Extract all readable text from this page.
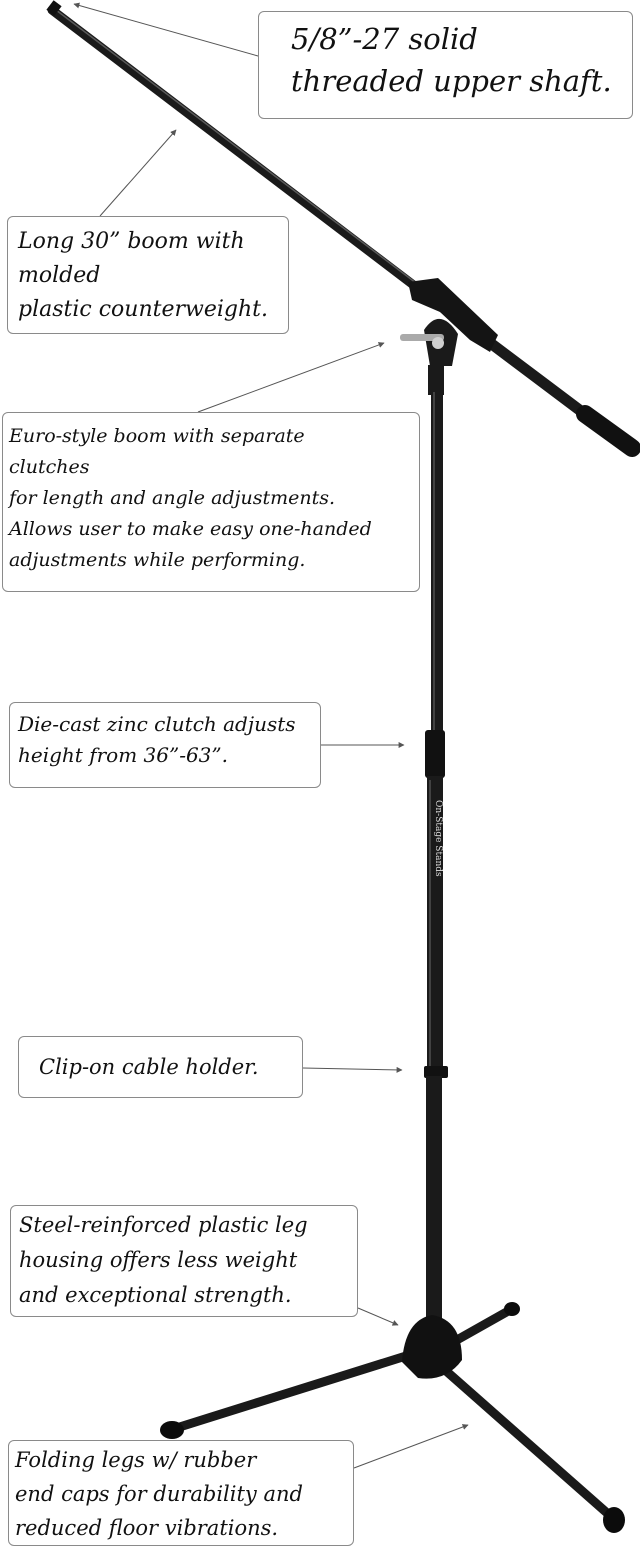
On-Stage Stands
5/8”-27 solid
threaded upper shaft.
Long 30” boom with
molded
plastic counterweight.
Euro-style boom with separate
clutches
for length and angle adjustments.
Allows user to make easy one-handed
adjustments while performing.
Die-cast zinc clutch adjusts
height from 36”-63”.
Clip-on cable holder.
Steel-reinforced plastic leg
housing offers less weight
and exceptional strength.
Folding legs w/ rubber
end caps for durability and
reduced floor vibrations.
